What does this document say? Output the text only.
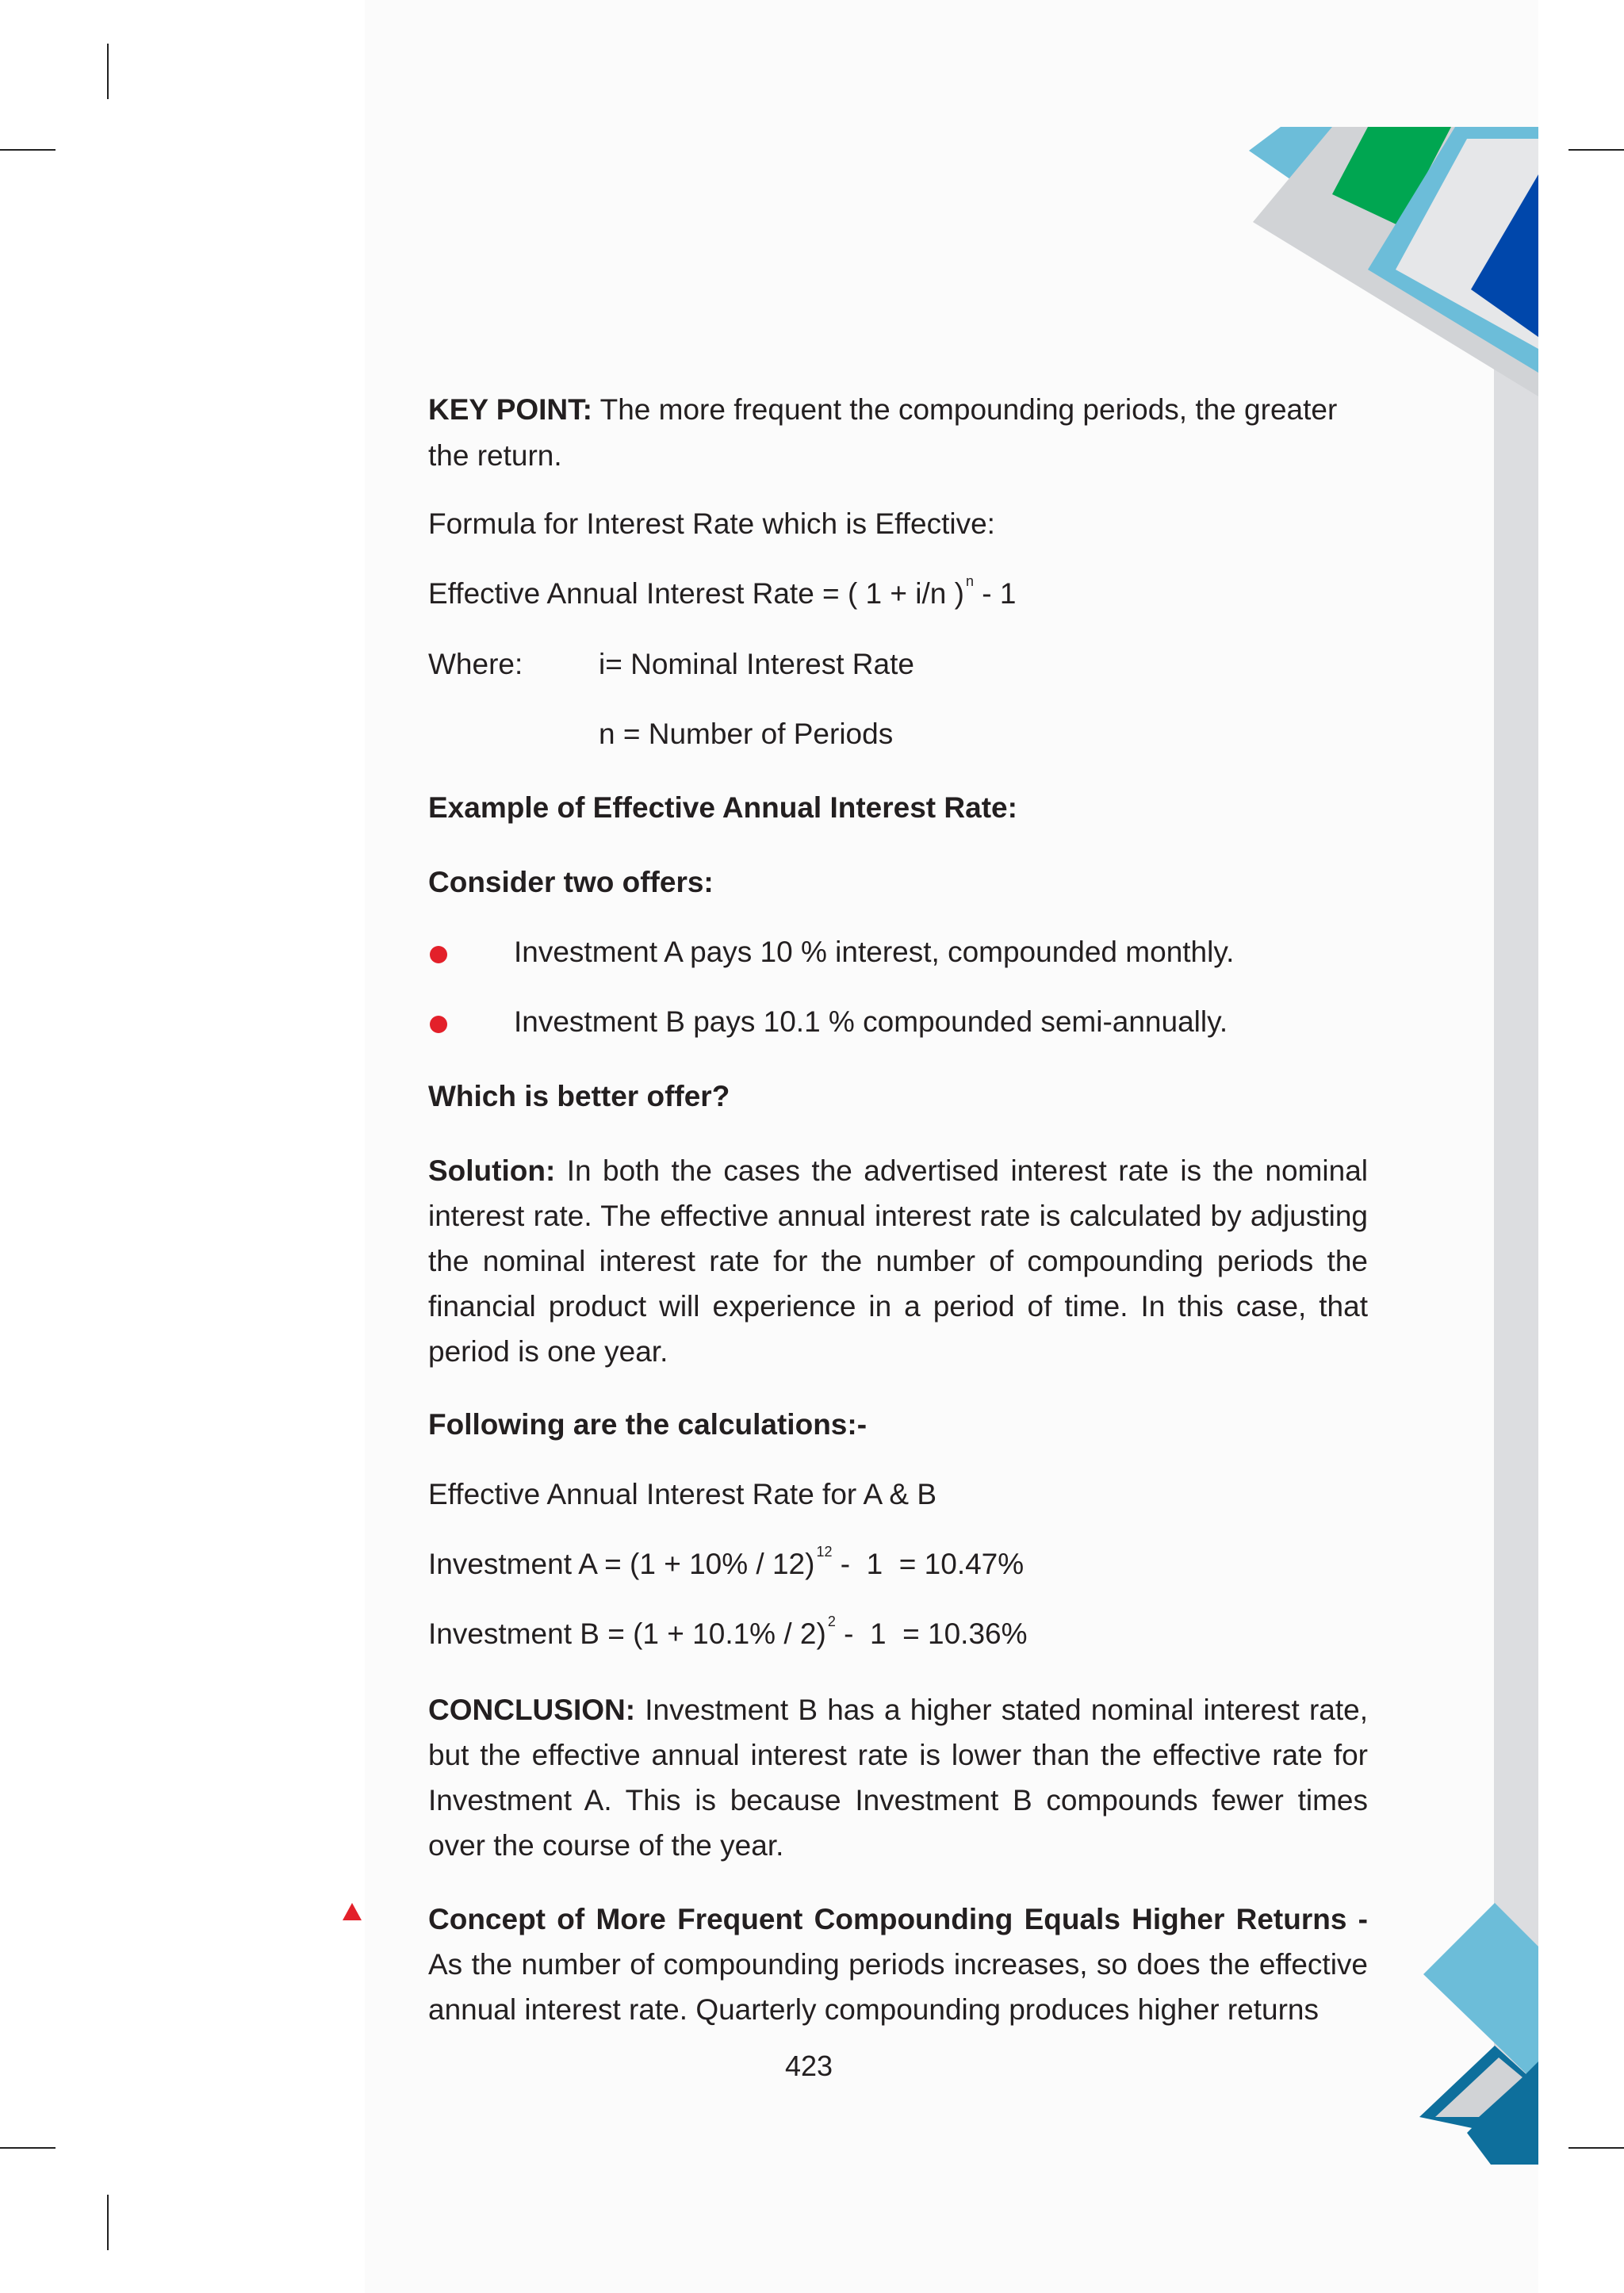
KEY POINT: The more frequent the compounding periods, the greater
the return.
Formula for Interest Rate which is Effective:
Effective Annual Interest Rate = ( 1 + i/n ) $^n$ - 1
Where:	i= Nominal Interest Rate
n = Number of Periods
Example of Effective Annual Interest Rate:
Consider two offers:
Investment A pays 10 % interest, compounded monthly.
Investment B pays 10.1 % compounded semi-annually.
Which is better offer?
Solution: In both the cases the advertised interest rate is the nominal interest rate. The effective annual interest rate is calculated by adjusting the nominal interest rate for the number of compounding periods the financial product will experience in a period of time. In this case, that period is one year.
Following are the calculations:-
Effective Annual Interest Rate for A & B
Investment A = (1 + 10% / 12) $^{12}$ -  1  = 10.47%
Investment B = (1 + 10.1% / 2) $^2$ -  1  = 10.36%
CONCLUSION: Investment B has a higher stated nominal interest rate, but the effective annual interest rate is lower than the effective rate for Investment A. This is because Investment B compounds fewer times over the course of the year.
Concept of More Frequent Compounding Equals Higher Returns - As the number of compounding periods increases, so does the effective annual interest rate. Quarterly compounding produces higher returns
423
